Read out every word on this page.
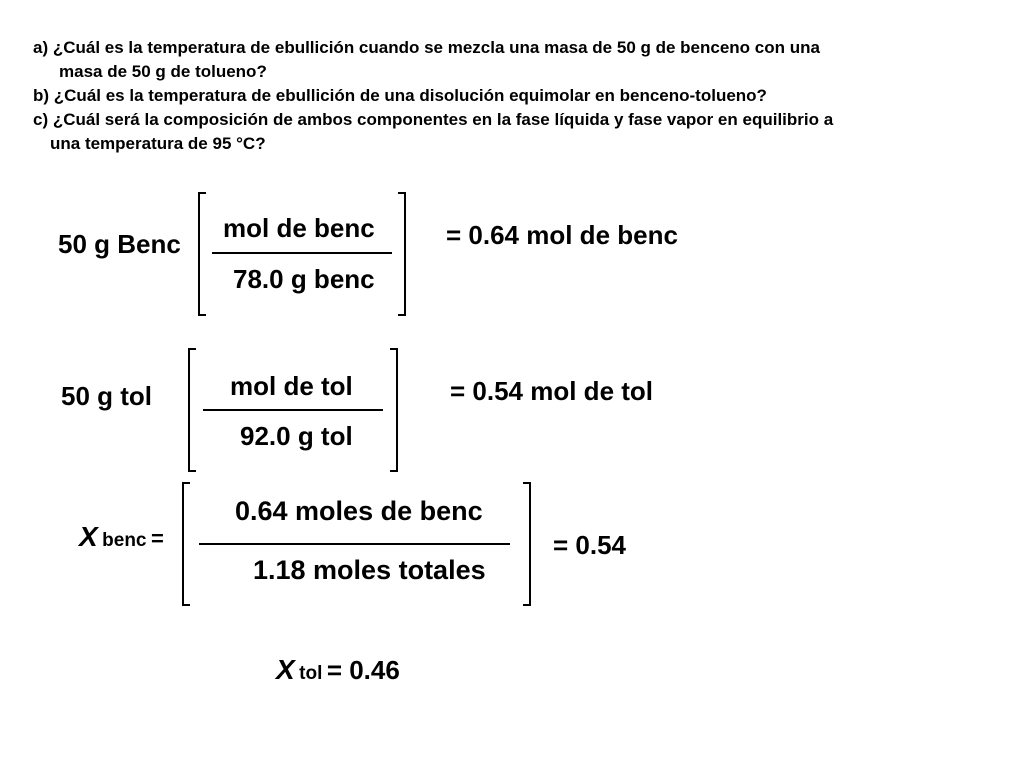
a) ¿Cuál es la temperatura de ebullición cuando se mezcla una masa de 50 g de benceno con una
masa de 50 g de tolueno?
b) ¿Cuál es la temperatura de ebullición de una disolución equimolar en benceno-tolueno?
c) ¿Cuál será la composición de ambos componentes en la fase líquida y fase vapor en equilibrio a
una temperatura de 95 °C?
50 g Benc
mol de benc
78.0 g benc
= 0.64 mol de benc
50 g tol	mol de tol
92.0 g tol
= 0.54 mol de tol
X benc =
0.64 moles de benc
1.18 moles totales
= 0.54
X tol = 0.46
